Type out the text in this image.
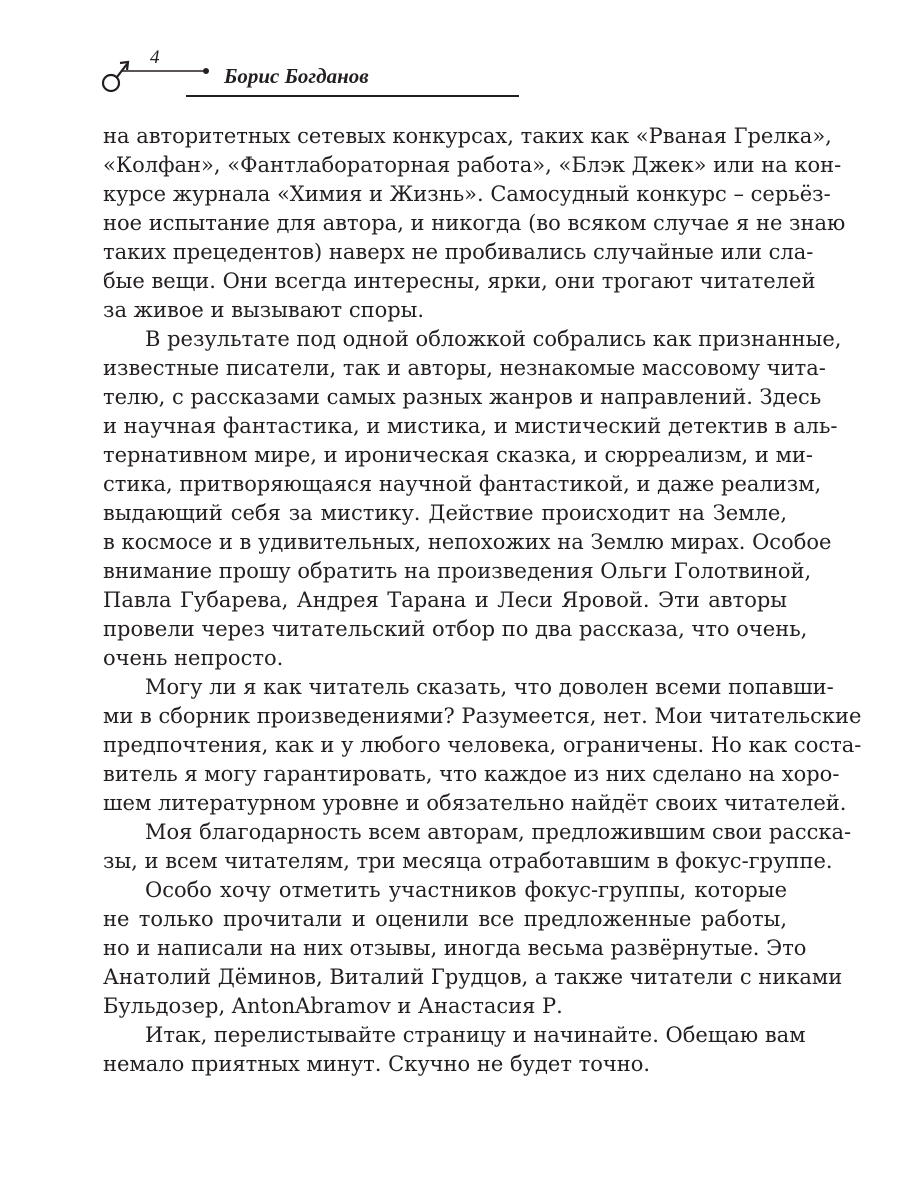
4
Борис Богданов

на авторитетных сетевых конкурсах, таких как «Рваная Грелка»,
«Колфан», «Фантлабораторная работа», «Блэк Джек» или на кон-
курсе журнала «Химия и Жизнь». Самосудный конкурс – серьёз-
ное испытание для автора, и никогда (во всяком случае я не знаю
таких прецедентов) наверх не пробивались случайные или сла-
бые вещи. Они всегда интересны, ярки, они трогают читателей
за живое и вызывают споры.

В результате под одной обложкой собрались как признанные,
известные писатели, так и авторы, незнакомые массовому чита-
телю, с рассказами самых разных жанров и направлений. Здесь
и научная фантастика, и мистика, и мистический детектив в аль-
тернативном мире, и ироническая сказка, и сюрреализм, и ми-
стика, притворяющаяся научной фантастикой, и даже реализм,
выдающий себя за мистику. Действие происходит на Земле,
в космосе и в удивительных, непохожих на Землю мирах. Особое
внимание прошу обратить на произведения Ольги Голотвиной,
Павла Губарева, Андрея Тарана и Леси Яровой. Эти авторы
провели через читательский отбор по два рассказа, что очень,
очень непросто.

Могу ли я как читатель сказать, что доволен всеми попавши-
ми в сборник произведениями? Разумеется, нет. Мои читательские
предпочтения, как и у любого человека, ограничены. Но как соста-
витель я могу гарантировать, что каждое из них сделано на хоро-
шем литературном уровне и обязательно найдёт своих читателей.

Моя благодарность всем авторам, предложившим свои расска-
зы, и всем читателям, три месяца отработавшим в фокус-группе.

Особо хочу отметить участников фокус-группы, которые
не только прочитали и оценили все предложенные работы,
но и написали на них отзывы, иногда весьма развёрнутые. Это
Анатолий Дёминов, Виталий Грудцов, а также читатели с никами
Бульдозер, AntonAbramov и Анастасия Р.

Итак, перелистывайте страницу и начинайте. Обещаю вам
немало приятных минут. Скучно не будет точно.
